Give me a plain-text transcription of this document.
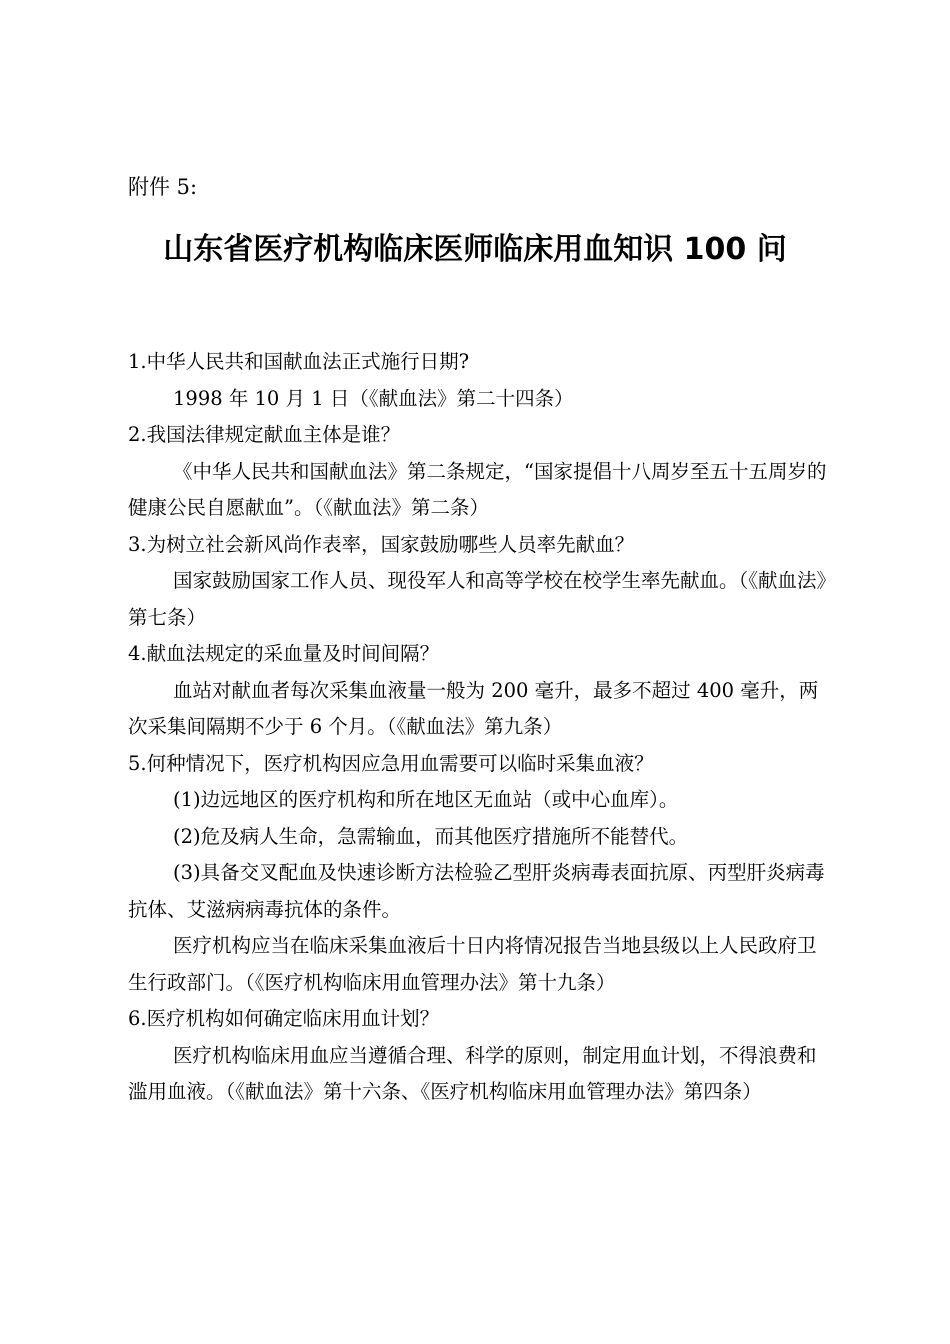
附件 5:
山东省医疗机构临床医师临床用血知识 100 问

1.中华人民共和国献血法正式施行日期?

1998 年 10 月 1 日（《献血法》第二十四条）

2.我国法律规定献血主体是谁？

《中华人民共和国献血法》第二条规定，“国家提倡十八周岁至五十五周岁的健康公民自愿献血”。（《献血法》第二条）

3.为树立社会新风尚作表率，国家鼓励哪些人员率先献血？

国家鼓励国家工作人员、现役军人和高等学校在校学生率先献血。（《献血法》第七条）

4.献血法规定的采血量及时间间隔？

血站对献血者每次采集血液量一般为 200 毫升，最多不超过 400 毫升，两次采集间隔期不少于 6 个月。（《献血法》第九条）

5.何种情况下，医疗机构因应急用血需要可以临时采集血液？

(1)边远地区的医疗机构和所在地区无血站（或中心血库）。

(2)危及病人生命，急需输血，而其他医疗措施所不能替代。

(3)具备交叉配血及快速诊断方法检验乙型肝炎病毒表面抗原、丙型肝炎病毒抗体、艾滋病病毒抗体的条件。

医疗机构应当在临床采集血液后十日内将情况报告当地县级以上人民政府卫生行政部门。（《医疗机构临床用血管理办法》第十九条）

6.医疗机构如何确定临床用血计划？

医疗机构临床用血应当遵循合理、科学的原则，制定用血计划，不得浪费和滥用血液。（《献血法》第十六条、《医疗机构临床用血管理办法》第四条）
